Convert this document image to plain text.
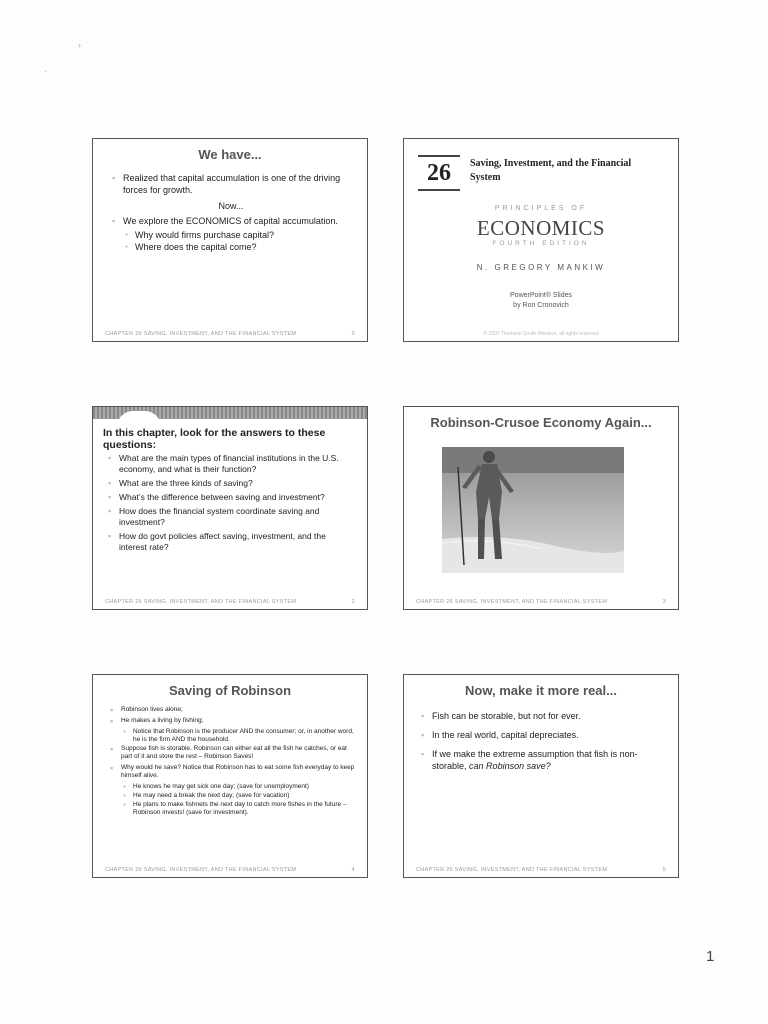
›
·
We have...
▪ Realized that capital accumulation is one of the driving forces for growth.
Now...
▪ We explore the ECONOMICS of capital accumulation.
▪ Why would firms purchase capital?
▪ Where does the capital come?
CHAPTER 26 SAVING, INVESTMENT, AND THE FINANCIAL SYSTEM	0
26	Saving, Investment, and the Financial System
PRINCIPLES OF
ECONOMICS
FOURTH EDITION
N. GREGORY MANKIW
PowerPoint® Slides
by Ron Cronovich
© 2007 Thomson South-Western, all rights reserved
In this chapter, look for the answers to these questions:
▪ What are the main types of financial institutions in the U.S. economy, and what is their function?
▪ What are the three kinds of saving?
▪ What’s the difference between saving and investment?
▪ How does the financial system coordinate saving and investment?
▪ How do govt policies affect saving, investment, and the interest rate?
CHAPTER 26 SAVING, INVESTMENT, AND THE FINANCIAL SYSTEM	2
Robinson-Crusoe Economy Again...
CHAPTER 26 SAVING, INVESTMENT, AND THE FINANCIAL SYSTEM	3
Saving of Robinson
▪ Robinson lives alone;
▪ He makes a living by fishing;
▪ Notice that Robinson is the producer AND the consumer; or, in another word, he is the firm AND the household.
▪ Suppose fish is storable. Robinson can either eat all the fish he catches, or eat part of it and store the rest – Robinson Saves!
▪ Why would he save? Notice that Robinson has to eat some fish everyday to keep himself alive.
▪ He knows he may get sick one day; (save for unemployment)
▪ He may need a break the next day; (save for vacation)
▪ He plans to make fishnets the next day to catch more fishes in the future – Robinson invests! (save for investment).
CHAPTER 26 SAVING, INVESTMENT, AND THE FINANCIAL SYSTEM	4
Now, make it more real...
▪ Fish can be storable, but not for ever.
▪ In the real world, capital depreciates.
▪ If we make the extreme assumption that fish is non-storable, can Robinson save?
CHAPTER 26 SAVING, INVESTMENT, AND THE FINANCIAL SYSTEM	5
1
